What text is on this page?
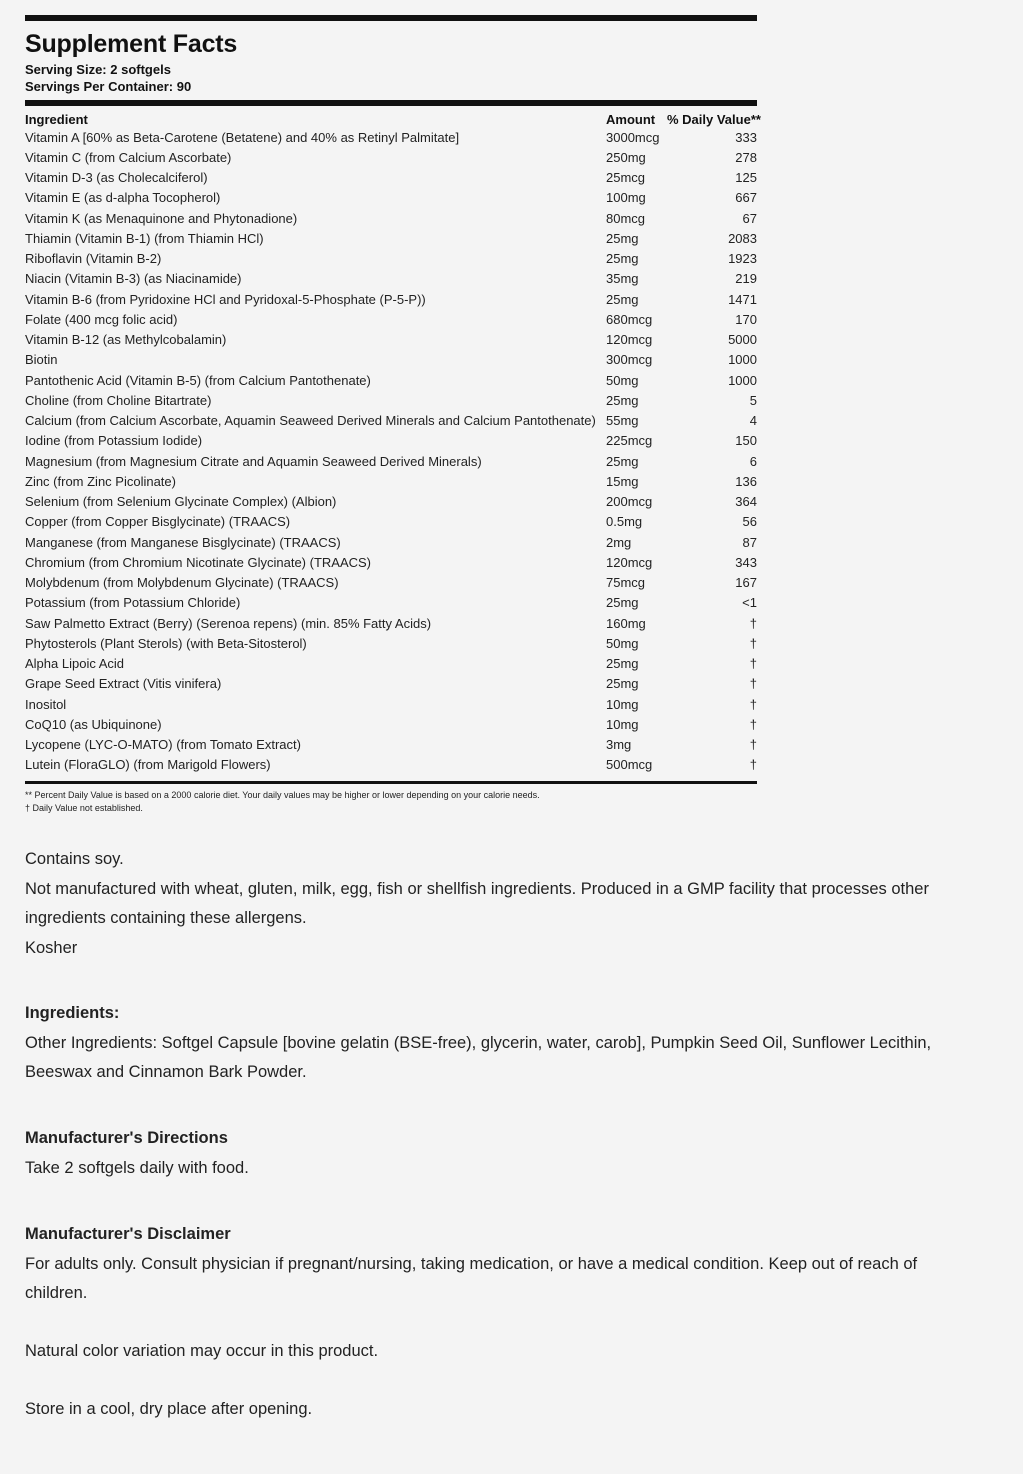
Supplement Facts
Serving Size: 2 softgels
Servings Per Container: 90
Ingredient	Amount % Daily Value**
Vitamin A [60% as Beta-Carotene (Betatene) and 40% as Retinyl Palmitate]	3000mcg	333
Vitamin C (from Calcium Ascorbate)	250mg	278
Vitamin D-3 (as Cholecalciferol)	25mcg	125
Vitamin E (as d-alpha Tocopherol)	100mg	667
Vitamin K (as Menaquinone and Phytonadione)	80mcg	67
Thiamin (Vitamin B-1) (from Thiamin HCl)	25mg	2083
Riboflavin (Vitamin B-2)	25mg	1923
Niacin (Vitamin B-3) (as Niacinamide)	35mg	219
Vitamin B-6 (from Pyridoxine HCl and Pyridoxal-5-Phosphate (P-5-P))	25mg	1471
Folate (400 mcg folic acid)	680mcg	170
Vitamin B-12 (as Methylcobalamin)	120mcg	5000
Biotin	300mcg	1000
Pantothenic Acid (Vitamin B-5) (from Calcium Pantothenate)	50mg	1000
Choline (from Choline Bitartrate)	25mg	5
Calcium (from Calcium Ascorbate, Aquamin Seaweed Derived Minerals and Calcium Pantothenate) 55mg	4
Iodine (from Potassium Iodide)	225mcg	150
Magnesium (from Magnesium Citrate and Aquamin Seaweed Derived Minerals)	25mg	6
Zinc (from Zinc Picolinate)	15mg	136
Selenium (from Selenium Glycinate Complex) (Albion)	200mcg	364
Copper (from Copper Bisglycinate) (TRAACS)	0.5mg	56
Manganese (from Manganese Bisglycinate) (TRAACS)	2mg	87
Chromium (from Chromium Nicotinate Glycinate) (TRAACS)	120mcg	343
Molybdenum (from Molybdenum Glycinate) (TRAACS)	75mcg	167
Potassium (from Potassium Chloride)	25mg	<1
Saw Palmetto Extract (Berry) (Serenoa repens) (min. 85% Fatty Acids)	160mg	†
Phytosterols (Plant Sterols) (with Beta-Sitosterol)	50mg	†
Alpha Lipoic Acid	25mg	†
Grape Seed Extract (Vitis vinifera)	25mg	†
Inositol	10mg	†
CoQ10 (as Ubiquinone)	10mg	†
Lycopene (LYC-O-MATO) (from Tomato Extract)	3mg	†
Lutein (FloraGLO) (from Marigold Flowers)	500mcg	†
** Percent Daily Value is based on a 2000 calorie diet. Your daily values may be higher or lower depending on your calorie needs.
† Daily Value not established.

Contains soy.

Not manufactured with wheat, gluten, milk, egg, fish or shellfish ingredients. Produced in a GMP facility that processes other ingredients containing these allergens.

Kosher

Ingredients:

Other Ingredients: Softgel Capsule [bovine gelatin (BSE-free), glycerin, water, carob], Pumpkin Seed Oil, Sunflower Lecithin, Beeswax and Cinnamon Bark Powder.

Manufacturer's Directions

Take 2 softgels daily with food.

Manufacturer's Disclaimer

For adults only. Consult physician if pregnant/nursing, taking medication, or have a medical condition. Keep out of reach of children.

Natural color variation may occur in this product.

Store in a cool, dry place after opening.
